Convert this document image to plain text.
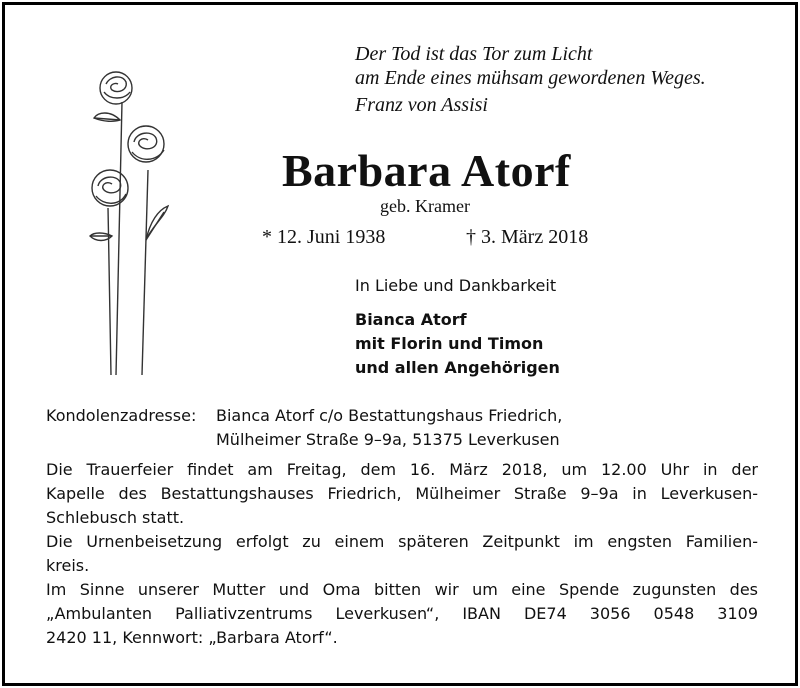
Der Tod ist das Tor zum Licht
am Ende eines mühsam gewordenen Weges.
Franz von Assisi
Barbara Atorf
geb. Kramer
* 12. Juni 1938	† 3. März 2018
In Liebe und Dankbarkeit
Bianca Atorf
mit Florin und Timon
und allen Angehörigen
Kondolenzadresse: Bianca Atorf c/o Bestattungshaus Friedrich,
Mülheimer Straße 9–9a, 51375 Leverkusen
Die Trauerfeier findet am Freitag, dem 16. März 2018, um 12.00 Uhr in der
Kapelle des Bestattungshauses Friedrich, Mülheimer Straße 9–9a in Leverkusen-
Schlebusch statt.
Die Urnenbeisetzung erfolgt zu einem späteren Zeitpunkt im engsten Familien-
kreis.
Im Sinne unserer Mutter und Oma bitten wir um eine Spende zugunsten des
„Ambulanten Palliativzentrums Leverkusen“, IBAN DE74 3056 0548 3109
2420 11, Kennwort: „Barbara Atorf“.
